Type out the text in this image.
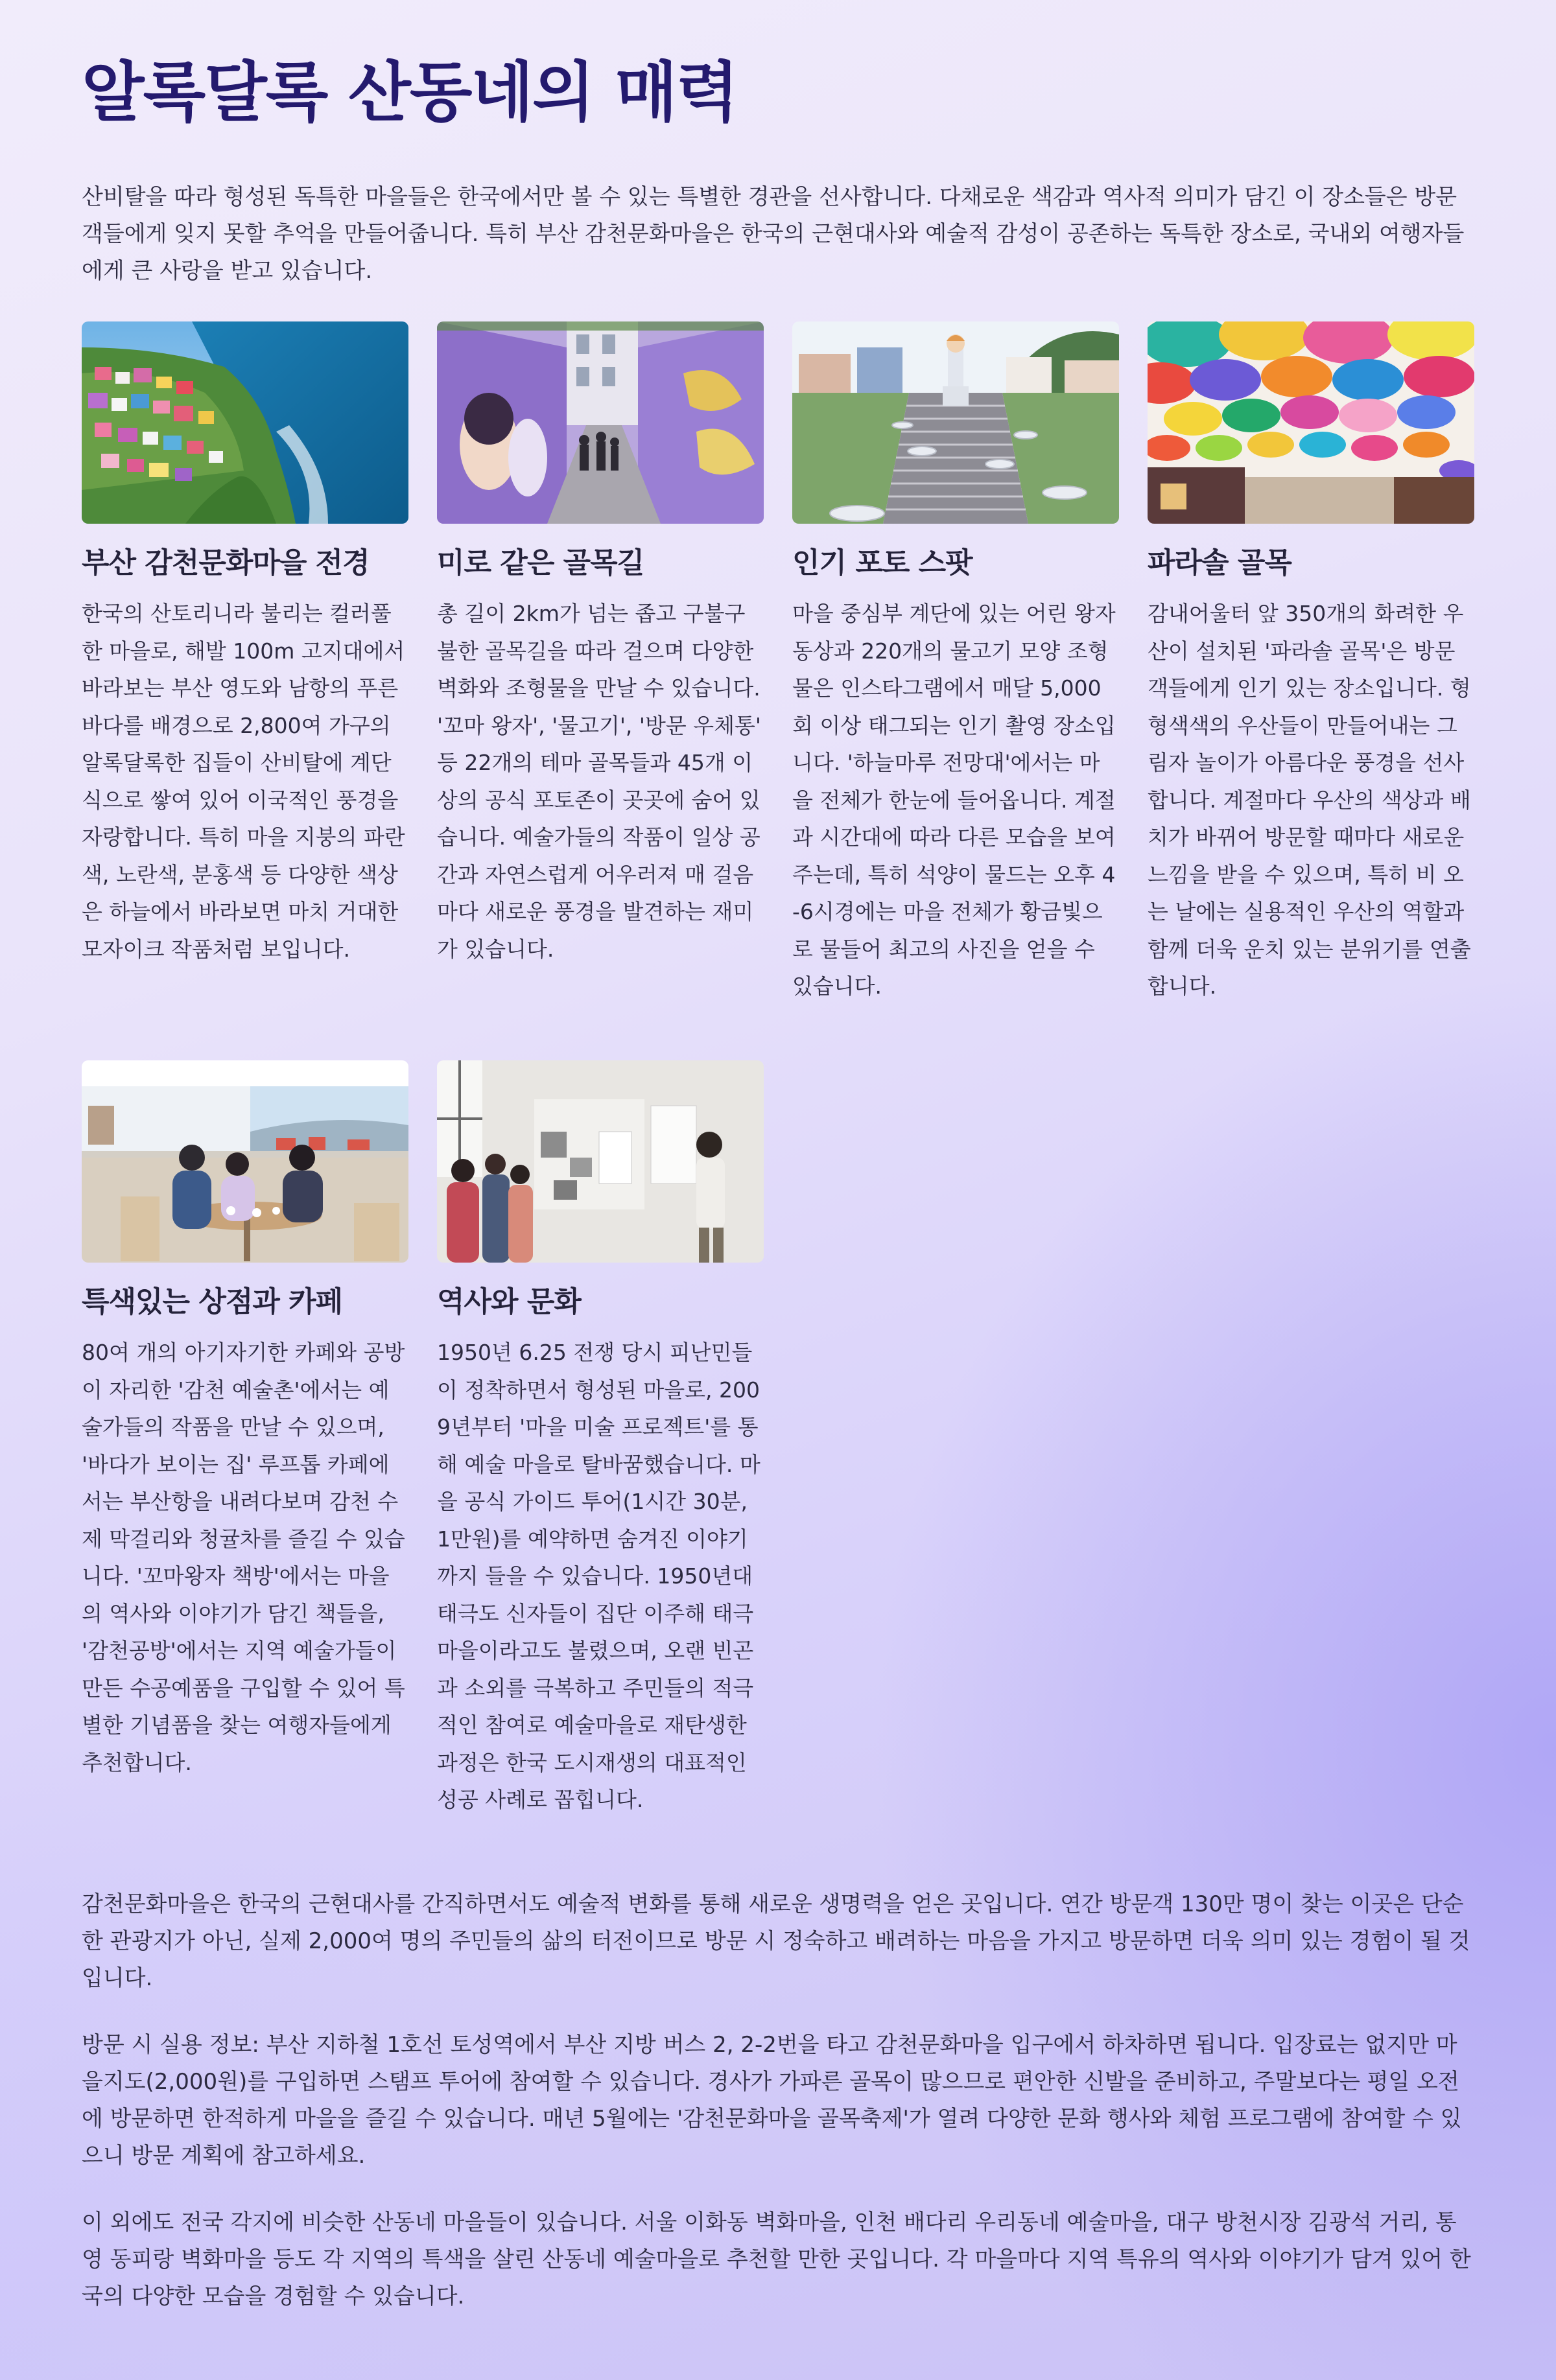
알록달록 산동네의 매력

산비탈을 따라 형성된 독특한 마을들은 한국에서만 볼 수 있는 특별한 경관을 선사합니다. 다채로운 색감과 역사적 의미가 담긴 이 장소들은 방문객들에게 잊지 못할 추억을 만들어줍니다. 특히 부산 감천문화마을은 한국의 근현대사와 예술적 감성이 공존하는 독특한 장소로, 국내외 여행자들에게 큰 사랑을 받고 있습니다.

부산 감천문화마을 전경

한국의 산토리니라 불리는 컬러풀한 마을로, 해발 100m 고지대에서 바라보는 부산 영도와 남항의 푸른 바다를 배경으로 2,800여 가구의 알록달록한 집들이 산비탈에 계단식으로 쌓여 있어 이국적인 풍경을 자랑합니다. 특히 마을 지붕의 파란색, 노란색, 분홍색 등 다양한 색상은 하늘에서 바라보면 마치 거대한 모자이크 작품처럼 보입니다.

미로 같은 골목길

총 길이 2km가 넘는 좁고 구불구불한 골목길을 따라 걸으며 다양한 벽화와 조형물을 만날 수 있습니다. '꼬마 왕자', '물고기', '방문 우체통' 등 22개의 테마 골목들과 45개 이상의 공식 포토존이 곳곳에 숨어 있습니다. 예술가들의 작품이 일상 공간과 자연스럽게 어우러져 매 걸음마다 새로운 풍경을 발견하는 재미가 있습니다.

인기 포토 스팟

마을 중심부 계단에 있는 어린 왕자 동상과 220개의 물고기 모양 조형물은 인스타그램에서 매달 5,000회 이상 태그되는 인기 촬영 장소입니다. '하늘마루 전망대'에서는 마을 전체가 한눈에 들어옵니다. 계절과 시간대에 따라 다른 모습을 보여주는데, 특히 석양이 물드는 오후 4-6시경에는 마을 전체가 황금빛으로 물들어 최고의 사진을 얻을 수 있습니다.

파라솔 골목

감내어울터 앞 350개의 화려한 우산이 설치된 '파라솔 골목'은 방문객들에게 인기 있는 장소입니다. 형형색색의 우산들이 만들어내는 그림자 놀이가 아름다운 풍경을 선사합니다. 계절마다 우산의 색상과 배치가 바뀌어 방문할 때마다 새로운 느낌을 받을 수 있으며, 특히 비 오는 날에는 실용적인 우산의 역할과 함께 더욱 운치 있는 분위기를 연출합니다.

특색있는 상점과 카페

80여 개의 아기자기한 카페와 공방이 자리한 '감천 예술촌'에서는 예술가들의 작품을 만날 수 있으며, '바다가 보이는 집' 루프톱 카페에서는 부산항을 내려다보며 감천 수제 막걸리와 청귤차를 즐길 수 있습니다. '꼬마왕자 책방'에서는 마을의 역사와 이야기가 담긴 책들을, '감천공방'에서는 지역 예술가들이 만든 수공예품을 구입할 수 있어 특별한 기념품을 찾는 여행자들에게 추천합니다.

역사와 문화

1950년 6.25 전쟁 당시 피난민들이 정착하면서 형성된 마을로, 2009년부터 '마을 미술 프로젝트'를 통해 예술 마을로 탈바꿈했습니다. 마을 공식 가이드 투어(1시간 30분, 1만원)를 예약하면 숨겨진 이야기까지 들을 수 있습니다. 1950년대 태극도 신자들이 집단 이주해 태극마을이라고도 불렸으며, 오랜 빈곤과 소외를 극복하고 주민들의 적극적인 참여로 예술마을로 재탄생한 과정은 한국 도시재생의 대표적인 성공 사례로 꼽힙니다.

감천문화마을은 한국의 근현대사를 간직하면서도 예술적 변화를 통해 새로운 생명력을 얻은 곳입니다. 연간 방문객 130만 명이 찾는 이곳은 단순한 관광지가 아닌, 실제 2,000여 명의 주민들의 삶의 터전이므로 방문 시 정숙하고 배려하는 마음을 가지고 방문하면 더욱 의미 있는 경험이 될 것입니다.

방문 시 실용 정보: 부산 지하철 1호선 토성역에서 부산 지방 버스 2, 2-2번을 타고 감천문화마을 입구에서 하차하면 됩니다. 입장료는 없지만 마을지도(2,000원)를 구입하면 스탬프 투어에 참여할 수 있습니다. 경사가 가파른 골목이 많으므로 편안한 신발을 준비하고, 주말보다는 평일 오전에 방문하면 한적하게 마을을 즐길 수 있습니다. 매년 5월에는 '감천문화마을 골목축제'가 열려 다양한 문화 행사와 체험 프로그램에 참여할 수 있으니 방문 계획에 참고하세요.

이 외에도 전국 각지에 비슷한 산동네 마을들이 있습니다. 서울 이화동 벽화마을, 인천 배다리 우리동네 예술마을, 대구 방천시장 김광석 거리, 통영 동피랑 벽화마을 등도 각 지역의 특색을 살린 산동네 예술마을로 추천할 만한 곳입니다. 각 마을마다 지역 특유의 역사와 이야기가 담겨 있어 한국의 다양한 모습을 경험할 수 있습니다.
